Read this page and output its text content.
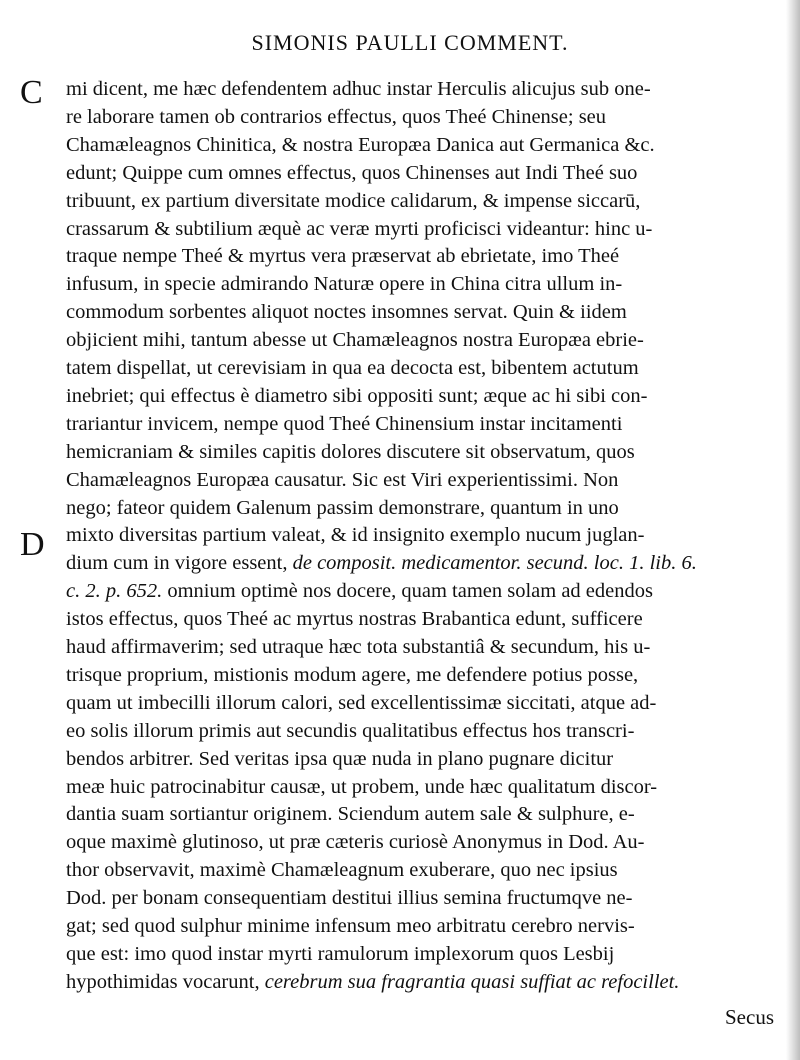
SIMONIS PAULLI COMMENT.
C
D
mi dicent, me hæc defendentem adhuc instar Herculis alicujus sub one-
re laborare tamen ob contrarios effectus, quos Theé Chinense; seu
Chamæleagnos Chinitica, & nostra Europæa Danica aut Germanica &c.
edunt; Quippe cum omnes effectus, quos Chinenses aut Indi Theé suo
tribuunt, ex partium diversitate modice calidarum, & impense siccarū,
crassarum & subtilium æquè ac veræ myrti proficisci videantur: hinc u-
traque nempe Theé & myrtus vera præservat ab ebrietate, imo Theé
infusum, in specie admirando Naturæ opere in China citra ullum in-
commodum sorbentes aliquot noctes insomnes servat. Quin & iidem
objicient mihi, tantum abesse ut Chamæleagnos nostra Europæa ebrie-
tatem dispellat, ut cerevisiam in qua ea decocta est, bibentem actutum
inebriet; qui effectus è diametro sibi oppositi sunt; æque ac hi sibi con-
trariantur invicem, nempe quod Theé Chinensium instar incitamenti
hemicraniam & similes capitis dolores discutere sit observatum, quos
Chamæleagnos Europæa causatur. Sic est Viri experientissimi. Non
nego; fateor quidem Galenum passim demonstrare, quantum in uno
mixto diversitas partium valeat, & id insignito exemplo nucum juglan-
dium cum in vigore essent, de composit. medicamentor. secund. loc. 1. lib. 6.
c. 2. p. 652. omnium optimè nos docere, quam tamen solam ad edendos
istos effectus, quos Theé ac myrtus nostras Brabantica edunt, sufficere
haud affirmaverim; sed utraque hæc tota substantiâ & secundum, his u-
trisque proprium, mistionis modum agere, me defendere potius posse,
quam ut imbecilli illorum calori, sed excellentissimæ siccitati, atque ad-
eo solis illorum primis aut secundis qualitatibus effectus hos transcri-
bendos arbitrer. Sed veritas ipsa quæ nuda in plano pugnare dicitur
meæ huic patrocinabitur causæ, ut probem, unde hæc qualitatum discor-
dantia suam sortiantur originem. Sciendum autem sale & sulphure, e-
oque maximè glutinoso, ut præ cæteris curiosè Anonymus in Dod. Au-
thor observavit, maximè Chamæleagnum exuberare, quo nec ipsius
Dod. per bonam consequentiam destitui illius semina fructumqve ne-
gat; sed quod sulphur minime infensum meo arbitratu cerebro nervis-
que est: imo quod instar myrti ramulorum implexorum quos Lesbij
hypothimidas vocarunt, cerebrum sua fragrantia quasi suffiat ac refocillet.
Secus
